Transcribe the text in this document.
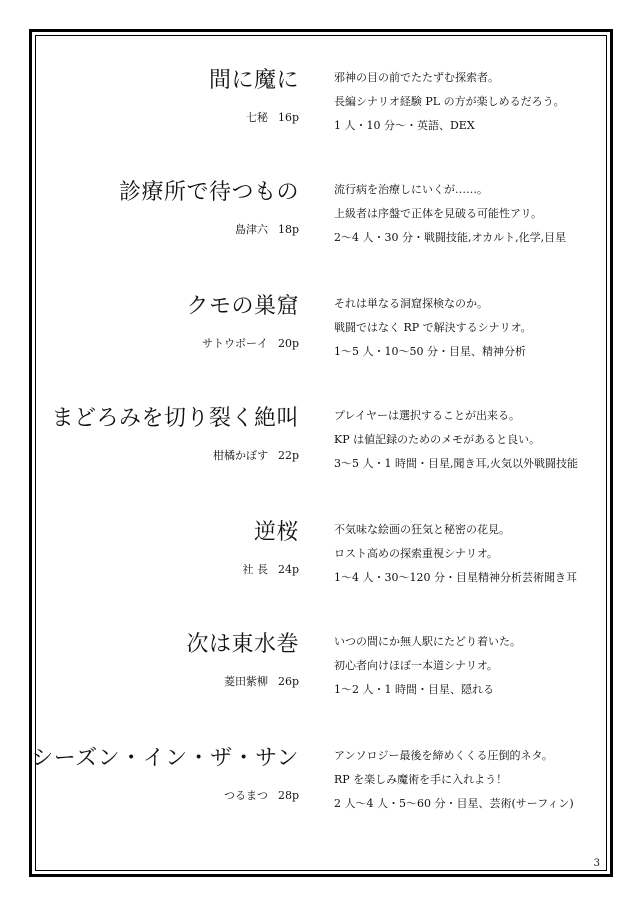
間に魔に
七秘 16p
邪神の目の前でたたずむ探索者。
長編シナリオ経験 PL の方が楽しめるだろう。
1 人・10 分～・英語、DEX
診療所で待つもの
島津六 18p
流行病を治療しにいくが……。
上級者は序盤で正体を見破る可能性アリ。
2～4 人・30 分・戦闘技能,オカルト,化学,目星
クモの巣窟
サトウボーイ 20p
それは単なる洞窟探検なのか。
戦闘ではなく RP で解決するシナリオ。
1～5 人・10～50 分・目星、精神分析
まどろみを切り裂く絶叫
柑橘かぼす 22p
プレイヤーは選択することが出来る。
KP は値記録のためのメモがあると良い。
3～5 人・1 時間・目星,聞き耳,火気以外戦闘技能
逆桜
社 長 24p
不気味な絵画の狂気と秘密の花見。
ロスト高めの探索重視シナリオ。
1～4 人・30～120 分・目星精神分析芸術聞き耳
次は東水巻
菱田紫柳 26p
いつの間にか無人駅にたどり着いた。
初心者向けほぼ一本道シナリオ。
1～2 人・1 時間・目星、隠れる
シーズン・イン・ザ・サン
つるまつ 28p
アンソロジー最後を締めくくる圧倒的ネタ。
RP を楽しみ魔術を手に入れよう！
2 人～4 人・5～60 分・目星、芸術(サーフィン)
3
